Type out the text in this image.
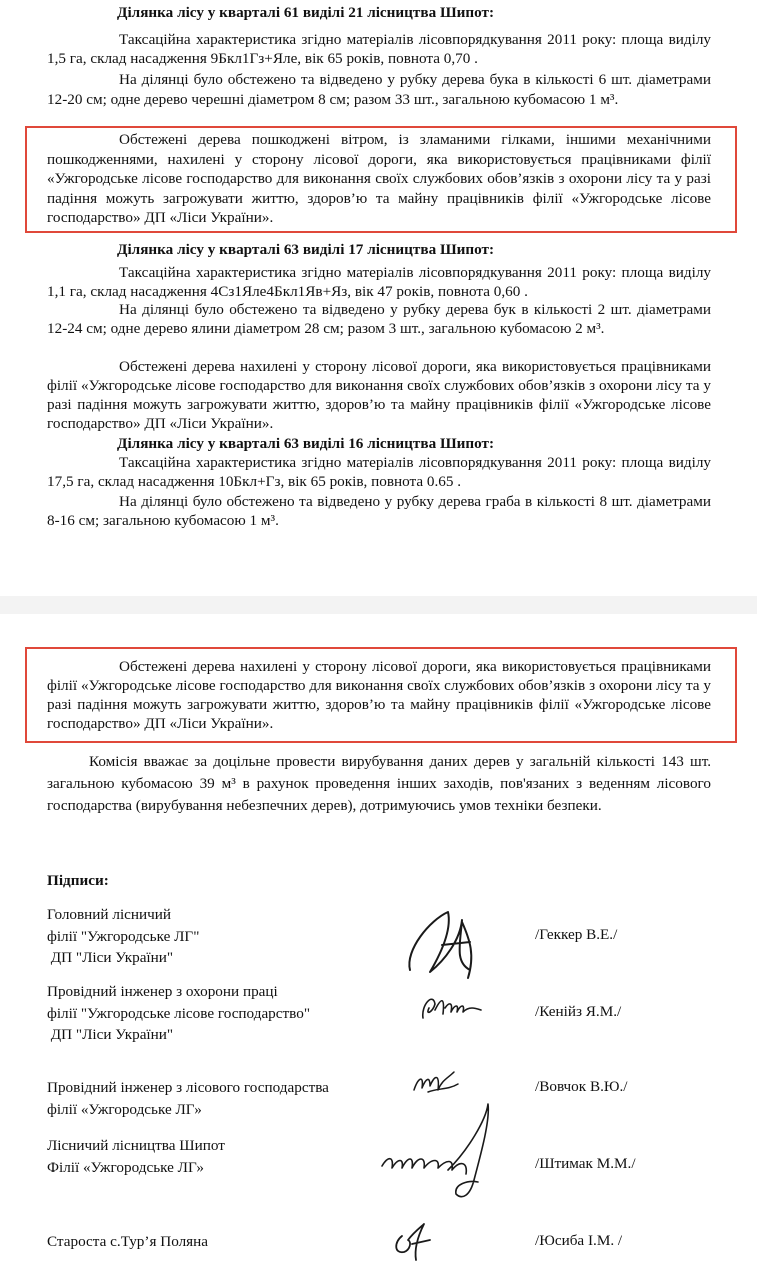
Ділянка лісу у кварталі 61 виділі 21 лісництва Шипот:

Таксаційна характеристика згідно матеріалів лісовпорядкування 2011 року: площа виділу 1,5 га, склад насадження 9Бкл1Гз+Яле, вік 65 років, повнота 0,70 .

На ділянці було обстежено та відведено у рубку дерева бука в кількості 6 шт. діаметрами 12-20 см; одне дерево черешні діаметром 8 см; разом 33 шт., загальною кубомасою 1 м³.

Обстежені дерева пошкоджені вітром, із зламаними гілками, іншими механічними пошкодженнями, нахилені у сторону лісової дороги, яка використовується працівниками філії «Ужгородське лісове господарство для виконання своїх службових обов’язків з охорони лісу та у разі падіння можуть загрожувати життю, здоров’ю та майну працівників філії «Ужгородське лісове господарство» ДП «Ліси України».

Ділянка лісу у кварталі 63 виділі 17 лісництва Шипот:

Таксаційна характеристика згідно матеріалів лісовпорядкування 2011 року: площа виділу 1,1 га, склад насадження 4Сз1Яле4Бкл1Яв+Яз, вік 47 років, повнота 0,60 .

На ділянці було обстежено та відведено у рубку дерева бук в кількості 2 шт. діаметрами 12-24 см; одне дерево ялини діаметром 28 см; разом 3 шт., загальною кубомасою 2 м³.

Обстежені дерева нахилені у сторону лісової дороги, яка використовується працівниками філії «Ужгородське лісове господарство для виконання своїх службових обов’язків з охорони лісу та у разі падіння можуть загрожувати життю, здоров’ю та майну працівників філії «Ужгородське лісове господарство» ДП «Ліси України».

Ділянка лісу у кварталі 63 виділі 16 лісництва Шипот:

Таксаційна характеристика згідно матеріалів лісовпорядкування 2011 року: площа виділу 17,5 га, склад насадження 10Бкл+Гз, вік 65 років, повнота 0.65 .

На ділянці було обстежено та відведено у рубку дерева граба в кількості 8 шт. діаметрами 8-16 см; загальною кубомасою 1 м³.

Обстежені дерева нахилені у сторону лісової дороги, яка використовується працівниками філії «Ужгородське лісове господарство для виконання своїх службових обов’язків з охорони лісу та у разі падіння можуть загрожувати життю, здоров’ю та майну працівників філії «Ужгородське лісове господарство» ДП «Ліси України».

Комісія вважає за доцільне провести вирубування даних дерев у загальній кількості 143 шт. загальною кубомасою 39 м³ в рахунок проведення інших заходів, пов'язаних з веденням лісового господарства (вирубування небезпечних дерев), дотримуючись умов техніки безпеки.

Підписи:
Головний лісничий
філії "Ужгородське ЛГ"
ДП "Ліси України"
/Геккер В.Е./
Провідний інженер з охорони праці
філії "Ужгородське лісове господарство"
ДП "Ліси України"
/Кенійз Я.М./
Провідний інженер з лісового господарства
філії «Ужгородське ЛГ»
/Вовчок В.Ю./
Лісничий лісництва Шипот
Філії «Ужгородське ЛГ»	/Штимак М.М./
Староста с.Тур’я Поляна	/Юсиба І.М. /
